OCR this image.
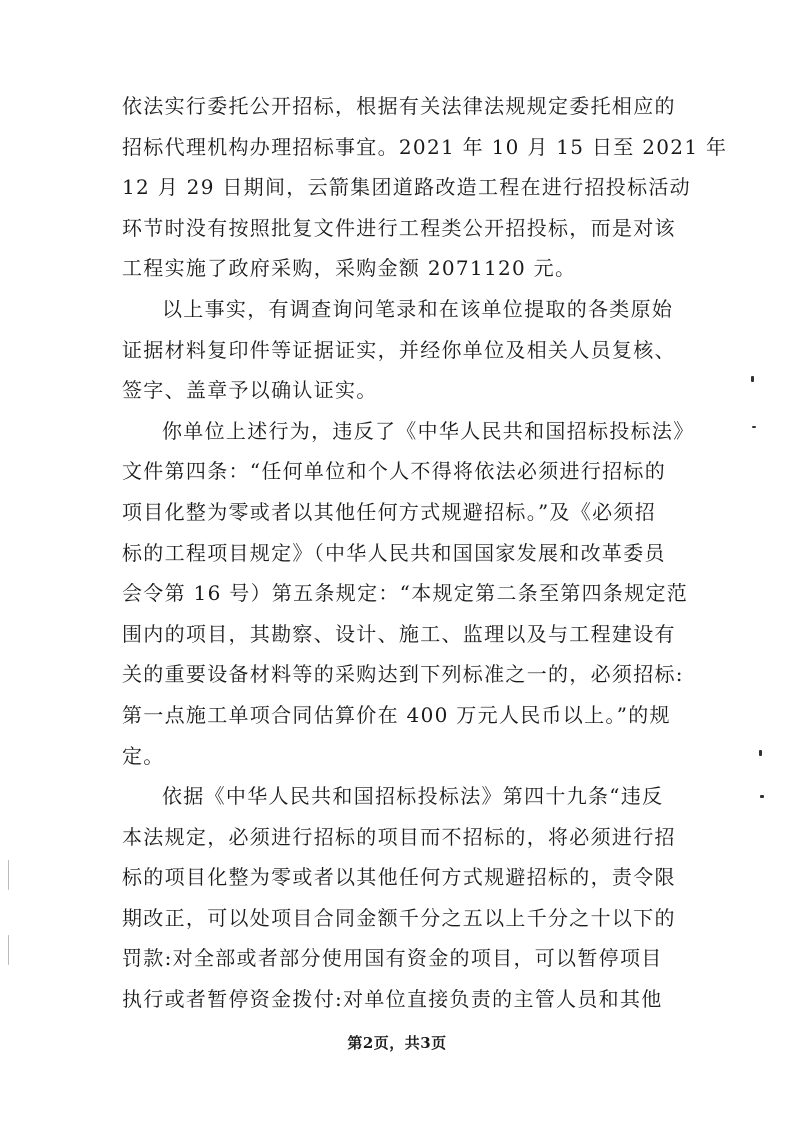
依法实行委托公开招标，根据有关法律法规规定委托相应的
招标代理机构办理招标事宜。2021 年 10 月 15 日至 2021 年
12 月 29 日期间，云箭集团道路改造工程在进行招投标活动
环节时没有按照批复文件进行工程类公开招投标，而是对该
工程实施了政府采购，采购金额 2071120 元。
以上事实，有调查询问笔录和在该单位提取的各类原始
证据材料复印件等证据证实，并经你单位及相关人员复核、
签字、盖章予以确认证实。
你单位上述行为，违反了《中华人民共和国招标投标法》
文件第四条：“任何单位和个人不得将依法必须进行招标的
项目化整为零或者以其他任何方式规避招标。”及《必须招
标的工程项目规定》（中华人民共和国国家发展和改革委员
会令第 16 号）第五条规定：“本规定第二条至第四条规定范
围内的项目，其勘察、设计、施工、监理以及与工程建设有
关的重要设备材料等的采购达到下列标准之一的，必须招标:
第一点施工单项合同估算价在 400 万元人民币以上。”的规
定。
依据《中华人民共和国招标投标法》第四十九条“违反
本法规定，必须进行招标的项目而不招标的，将必须进行招
标的项目化整为零或者以其他任何方式规避招标的，责令限
期改正，可以处项目合同金额千分之五以上千分之十以下的
罚款:对全部或者部分使用国有资金的项目，可以暂停项目
执行或者暂停资金拨付:对单位直接负责的主管人员和其他
第2页，共3页
